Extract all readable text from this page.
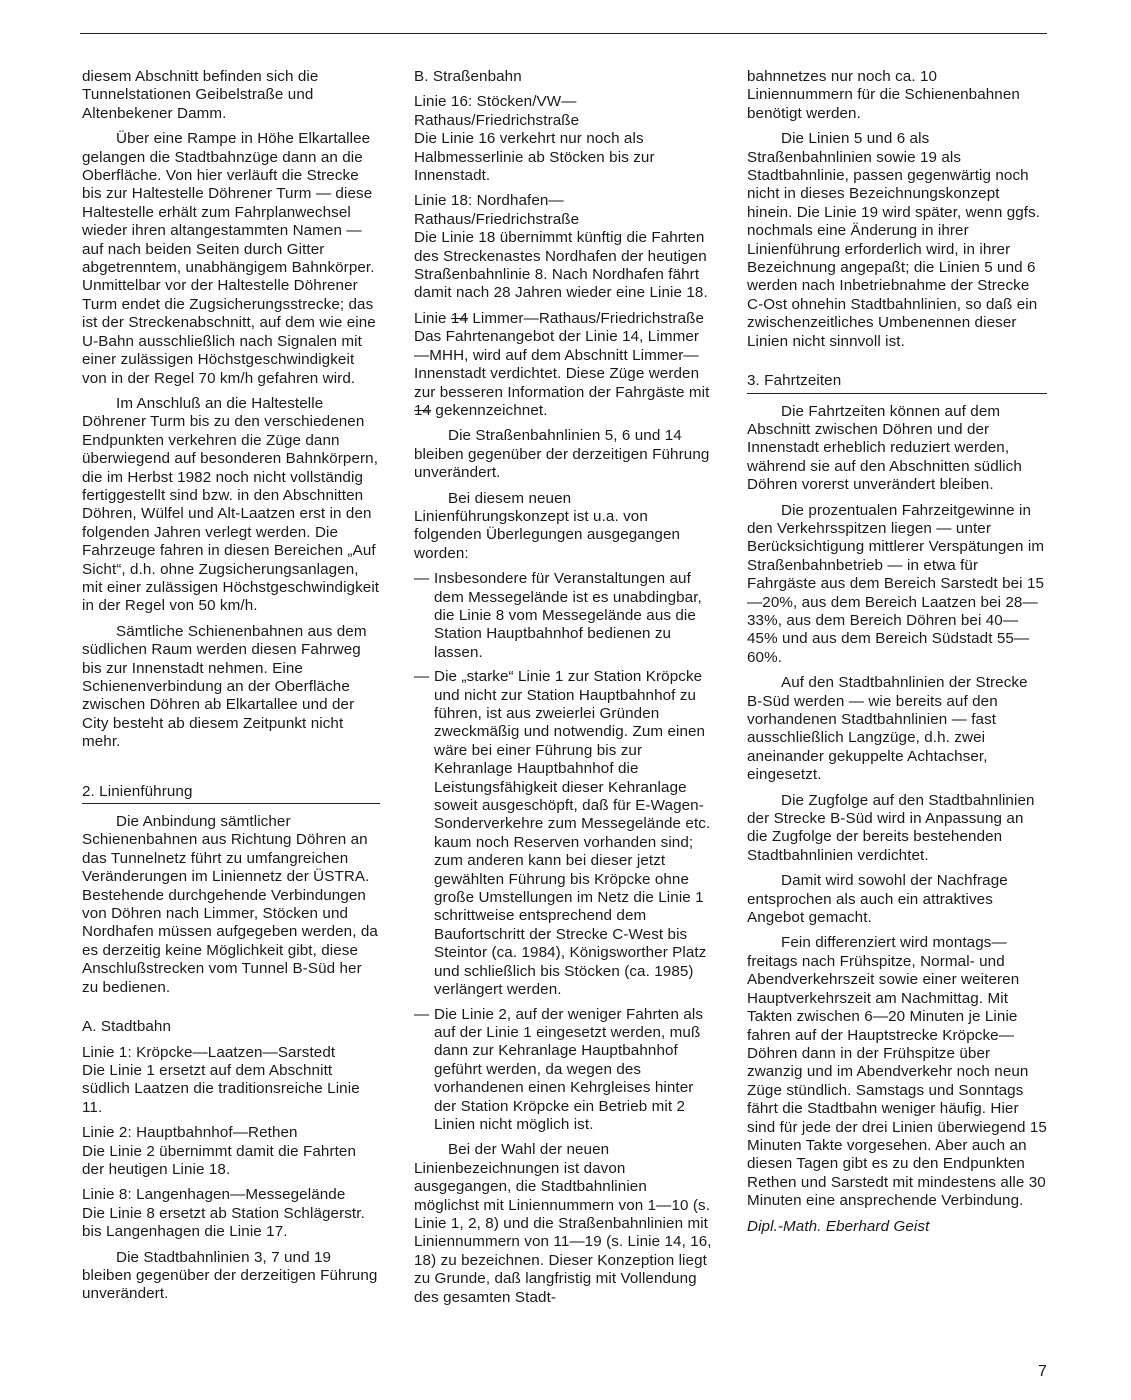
diesem Abschnitt befinden sich die Tunnelstationen Geibelstraße und Altenbekener Damm.

Über eine Rampe in Höhe Elkartallee gelangen die Stadtbahnzüge dann an die Oberfläche. Von hier verläuft die Strecke bis zur Haltestelle Döhrener Turm — diese Haltestelle erhält zum Fahrplanwechsel wieder ihren altangestammten Namen — auf nach beiden Seiten durch Gitter abgetrenntem, unabhängigem Bahnkörper. Unmittelbar vor der Haltestelle Döhrener Turm endet die Zugsicherungsstrecke; das ist der Streckenabschnitt, auf dem wie eine U-Bahn ausschließlich nach Signalen mit einer zulässigen Höchstgeschwindigkeit von in der Regel 70 km/h gefahren wird.

Im Anschluß an die Haltestelle Döhrener Turm bis zu den verschiedenen Endpunkten verkehren die Züge dann überwiegend auf besonderen Bahnkörpern, die im Herbst 1982 noch nicht vollständig fertiggestellt sind bzw. in den Abschnitten Döhren, Wülfel und Alt-Laatzen erst in den folgenden Jahren verlegt werden. Die Fahrzeuge fahren in diesen Bereichen „Auf Sicht“, d.h. ohne Zugsicherungsanlagen, mit einer zulässigen Höchstgeschwindigkeit in der Regel von 50 km/h.

Sämtliche Schienenbahnen aus dem südlichen Raum werden diesen Fahrweg bis zur Innenstadt nehmen. Eine Schienenverbindung an der Oberfläche zwischen Döhren ab Elkartallee und der City besteht ab diesem Zeitpunkt nicht mehr.

2. Linienführung

Die Anbindung sämtlicher Schienenbahnen aus Richtung Döhren an das Tunnelnetz führt zu umfangreichen Veränderungen im Liniennetz der ÜSTRA. Bestehende durchgehende Verbindungen von Döhren nach Limmer, Stöcken und Nordhafen müssen aufgegeben werden, da es derzeitig keine Möglichkeit gibt, diese Anschlußstrecken vom Tunnel B-Süd her zu bedienen.

A. Stadtbahn
Linie 1: Kröpcke—Laatzen—Sarstedt
Die Linie 1 ersetzt auf dem Abschnitt südlich Laatzen die traditionsreiche Linie 11.
Linie 2: Hauptbahnhof—Rethen
Die Linie 2 übernimmt damit die Fahrten der heutigen Linie 18.
Linie 8: Langenhagen—Messegelände
Die Linie 8 ersetzt ab Station Schlägerstr. bis Langenhagen die Linie 17.

Die Stadtbahnlinien 3, 7 und 19 bleiben gegenüber der derzeitigen Führung unverändert.

B. Straßenbahn
Linie 16: Stöcken/VW—Rathaus/Friedrichstraße
Die Linie 16 verkehrt nur noch als Halbmesserlinie ab Stöcken bis zur Innenstadt.
Linie 18: Nordhafen—Rathaus/Friedrichstraße
Die Linie 18 übernimmt künftig die Fahrten des Streckenastes Nordhafen der heutigen Straßenbahnlinie 8. Nach Nordhafen fährt damit nach 28 Jahren wieder eine Linie 18.
Linie 14 Limmer—Rathaus/Friedrichstraße
Das Fahrtenangebot der Linie 14, Limmer—MHH, wird auf dem Abschnitt Limmer—Innenstadt verdichtet. Diese Züge werden zur besseren Information der Fahrgäste mit 14 gekennzeichnet.

Die Straßenbahnlinien 5, 6 und 14 bleiben gegenüber der derzeitigen Führung unverändert.

Bei diesem neuen Linienführungskonzept ist u.a. von folgenden Überlegungen ausgegangen worden:

— Insbesondere für Veranstaltungen auf dem Messegelände ist es unabdingbar, die Linie 8 vom Messegelände aus die Station Hauptbahnhof bedienen zu lassen.
— Die „starke“ Linie 1 zur Station Kröpcke und nicht zur Station Hauptbahnhof zu führen, ist aus zweierlei Gründen zweckmäßig und notwendig. Zum einen wäre bei einer Führung bis zur Kehranlage Hauptbahnhof die Leistungsfähigkeit dieser Kehranlage soweit ausgeschöpft, daß für E-Wagen-Sonderverkehre zum Messegelände etc. kaum noch Reserven vorhanden sind; zum anderen kann bei dieser jetzt gewählten Führung bis Kröpcke ohne große Umstellungen im Netz die Linie 1 schrittweise entsprechend dem Baufortschritt der Strecke C-West bis Steintor (ca. 1984), Königsworther Platz und schließlich bis Stöcken (ca. 1985) verlängert werden.
— Die Linie 2, auf der weniger Fahrten als auf der Linie 1 eingesetzt werden, muß dann zur Kehranlage Hauptbahnhof geführt werden, da wegen des vorhandenen einen Kehrgleises hinter der Station Kröpcke ein Betrieb mit 2 Linien nicht möglich ist.

Bei der Wahl der neuen Linienbezeichnungen ist davon ausgegangen, die Stadtbahnlinien möglichst mit Liniennummern von 1—10 (s. Linie 1, 2, 8) und die Straßenbahnlinien mit Liniennummern von 11—19 (s. Linie 14, 16, 18) zu bezeichnen. Dieser Konzeption liegt zu Grunde, daß langfristig mit Vollendung des gesamten Stadt-

bahnnetzes nur noch ca. 10 Liniennummern für die Schienenbahnen benötigt werden.

Die Linien 5 und 6 als Straßenbahnlinien sowie 19 als Stadtbahnlinie, passen gegenwärtig noch nicht in dieses Bezeichnungskonzept hinein. Die Linie 19 wird später, wenn ggfs. nochmals eine Änderung in ihrer Linienführung erforderlich wird, in ihrer Bezeichnung angepaßt; die Linien 5 und 6 werden nach Inbetriebnahme der Strecke C-Ost ohnehin Stadtbahnlinien, so daß ein zwischenzeitliches Umbenennen dieser Linien nicht sinnvoll ist.

3. Fahrtzeiten

Die Fahrtzeiten können auf dem Abschnitt zwischen Döhren und der Innenstadt erheblich reduziert werden, während sie auf den Abschnitten südlich Döhren vorerst unverändert bleiben.

Die prozentualen Fahrzeitgewinne in den Verkehrsspitzen liegen — unter Berücksichtigung mittlerer Verspätungen im Straßenbahnbetrieb — in etwa für Fahrgäste aus dem Bereich Sarstedt bei 15—20%, aus dem Bereich Laatzen bei 28—33%, aus dem Bereich Döhren bei 40—45% und aus dem Bereich Südstadt 55—60%.

Auf den Stadtbahnlinien der Strecke B-Süd werden — wie bereits auf den vorhandenen Stadtbahnlinien — fast ausschließlich Langzüge, d.h. zwei aneinander gekuppelte Achtachser, eingesetzt.

Die Zugfolge auf den Stadtbahnlinien der Strecke B-Süd wird in Anpassung an die Zugfolge der bereits bestehenden Stadtbahnlinien verdichtet.

Damit wird sowohl der Nachfrage entsprochen als auch ein attraktives Angebot gemacht.

Fein differenziert wird montags—freitags nach Frühspitze, Normal- und Abendverkehrszeit sowie einer weiteren Hauptverkehrszeit am Nachmittag. Mit Takten zwischen 6—20 Minuten je Linie fahren auf der Hauptstrecke Kröpcke—Döhren dann in der Frühspitze über zwanzig und im Abendverkehr noch neun Züge stündlich. Samstags und Sonntags fährt die Stadtbahn weniger häufig. Hier sind für jede der drei Linien überwiegend 15 Minuten Takte vorgesehen. Aber auch an diesen Tagen gibt es zu den Endpunkten Rethen und Sarstedt mit mindestens alle 30 Minuten eine ansprechende Verbindung.

Dipl.-Math. Eberhard Geist

7
